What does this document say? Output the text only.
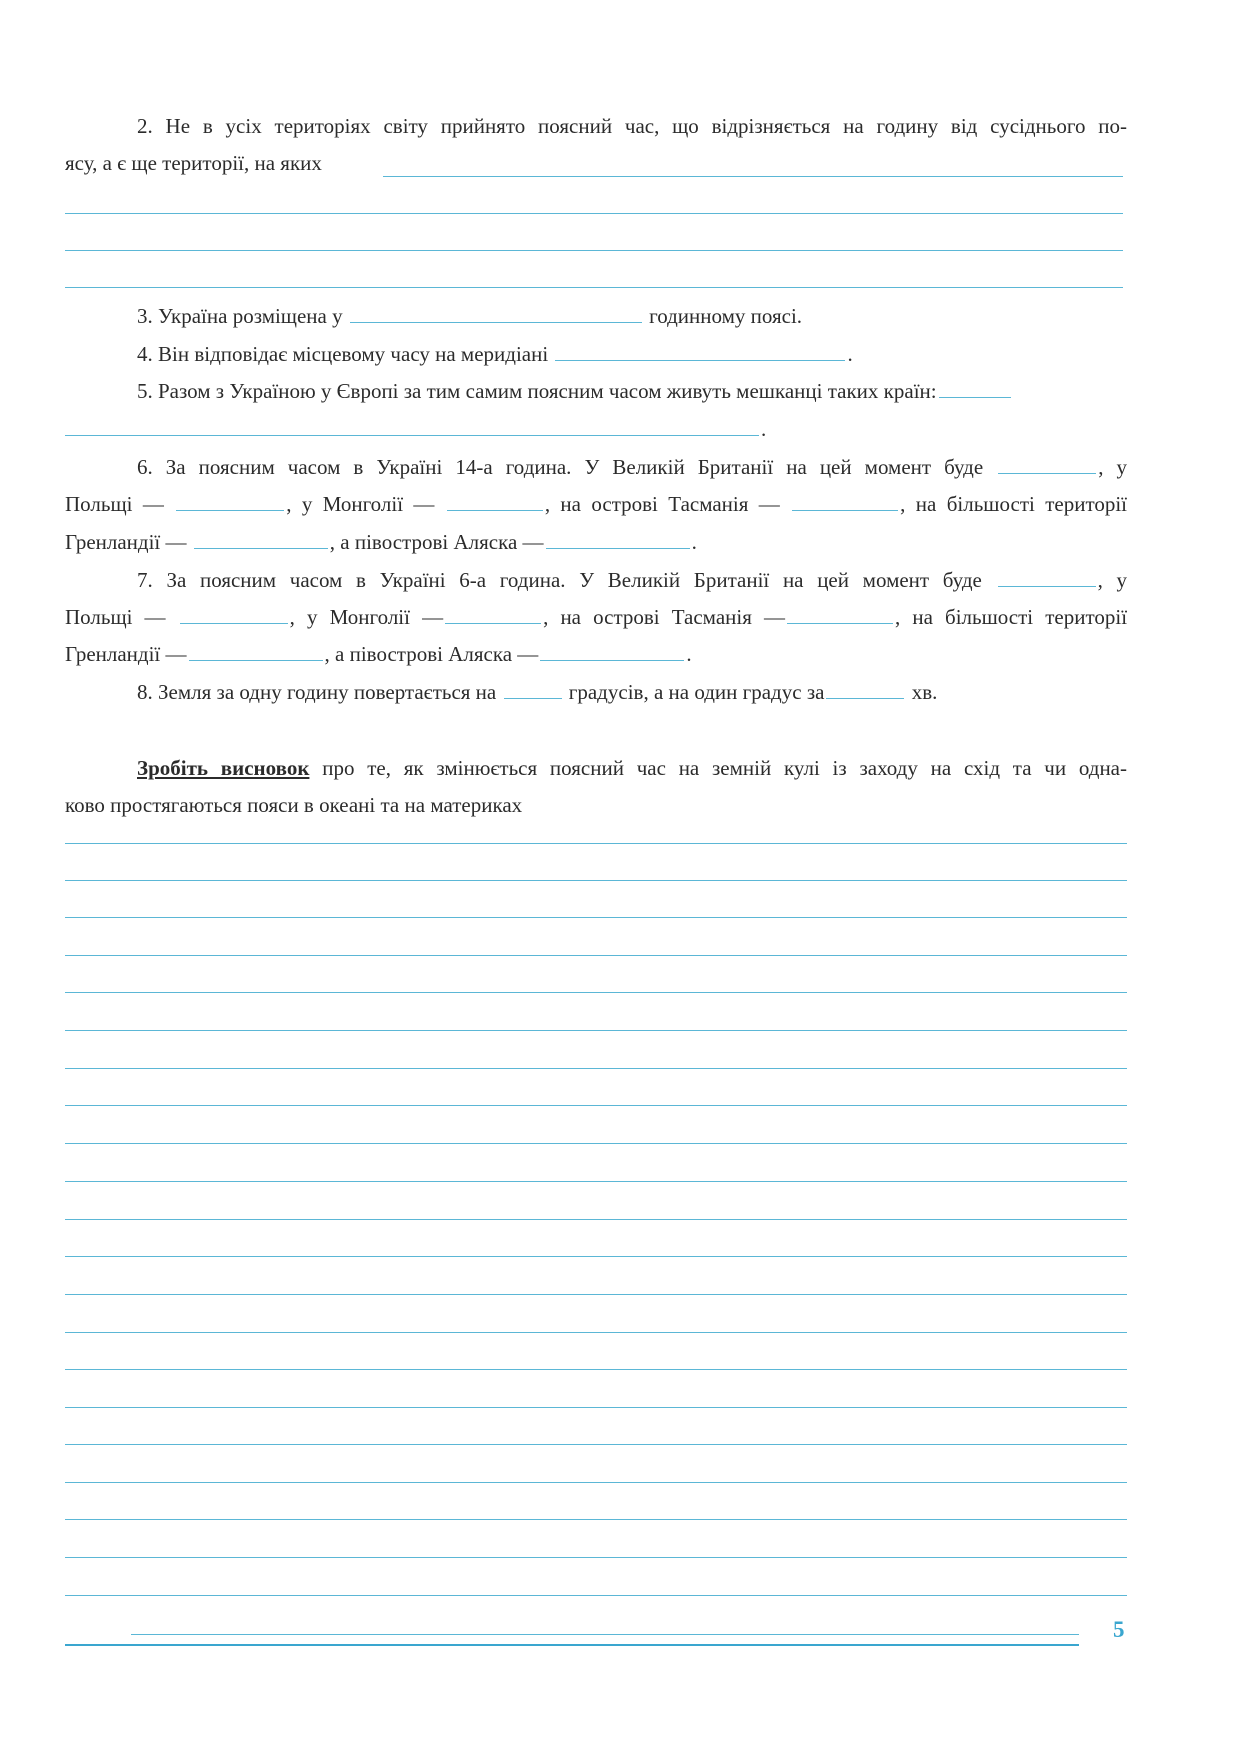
2. Не в усіх територіях світу прийнято поясний час, що відрізняється на годину від сусіднього по-
ясу, а є ще території, на яких
3. Україна розміщена у	годинному поясі.
4. Він відповідає місцевому часу на меридіані	.
5. Разом з Україною у Європі за тим самим поясним часом живуть мешканці таких країн:
.
6. За поясним часом в Україні 14-а година. У Великій Британії на цей момент буде	, у
Польщі —	, у Монголії —	, на острові Тасманія —	, на більшості території
Гренландії —	, а півострові Аляска —	.
7. За поясним часом в Україні 6-а година. У Великій Британії на цей момент буде	, у
Польщі —	, у Монголії —	, на острові Тасманія —	, на більшості території
Гренландії —	, а півострові Аляска —	.
8. Земля за одну годину повертається на	градусів, а на один градус за	хв.
Зробіть висновок про те, як змінюється поясний час на земній кулі із заходу на схід та чи одна-
ково простягаються пояси в океані та на материках
5
